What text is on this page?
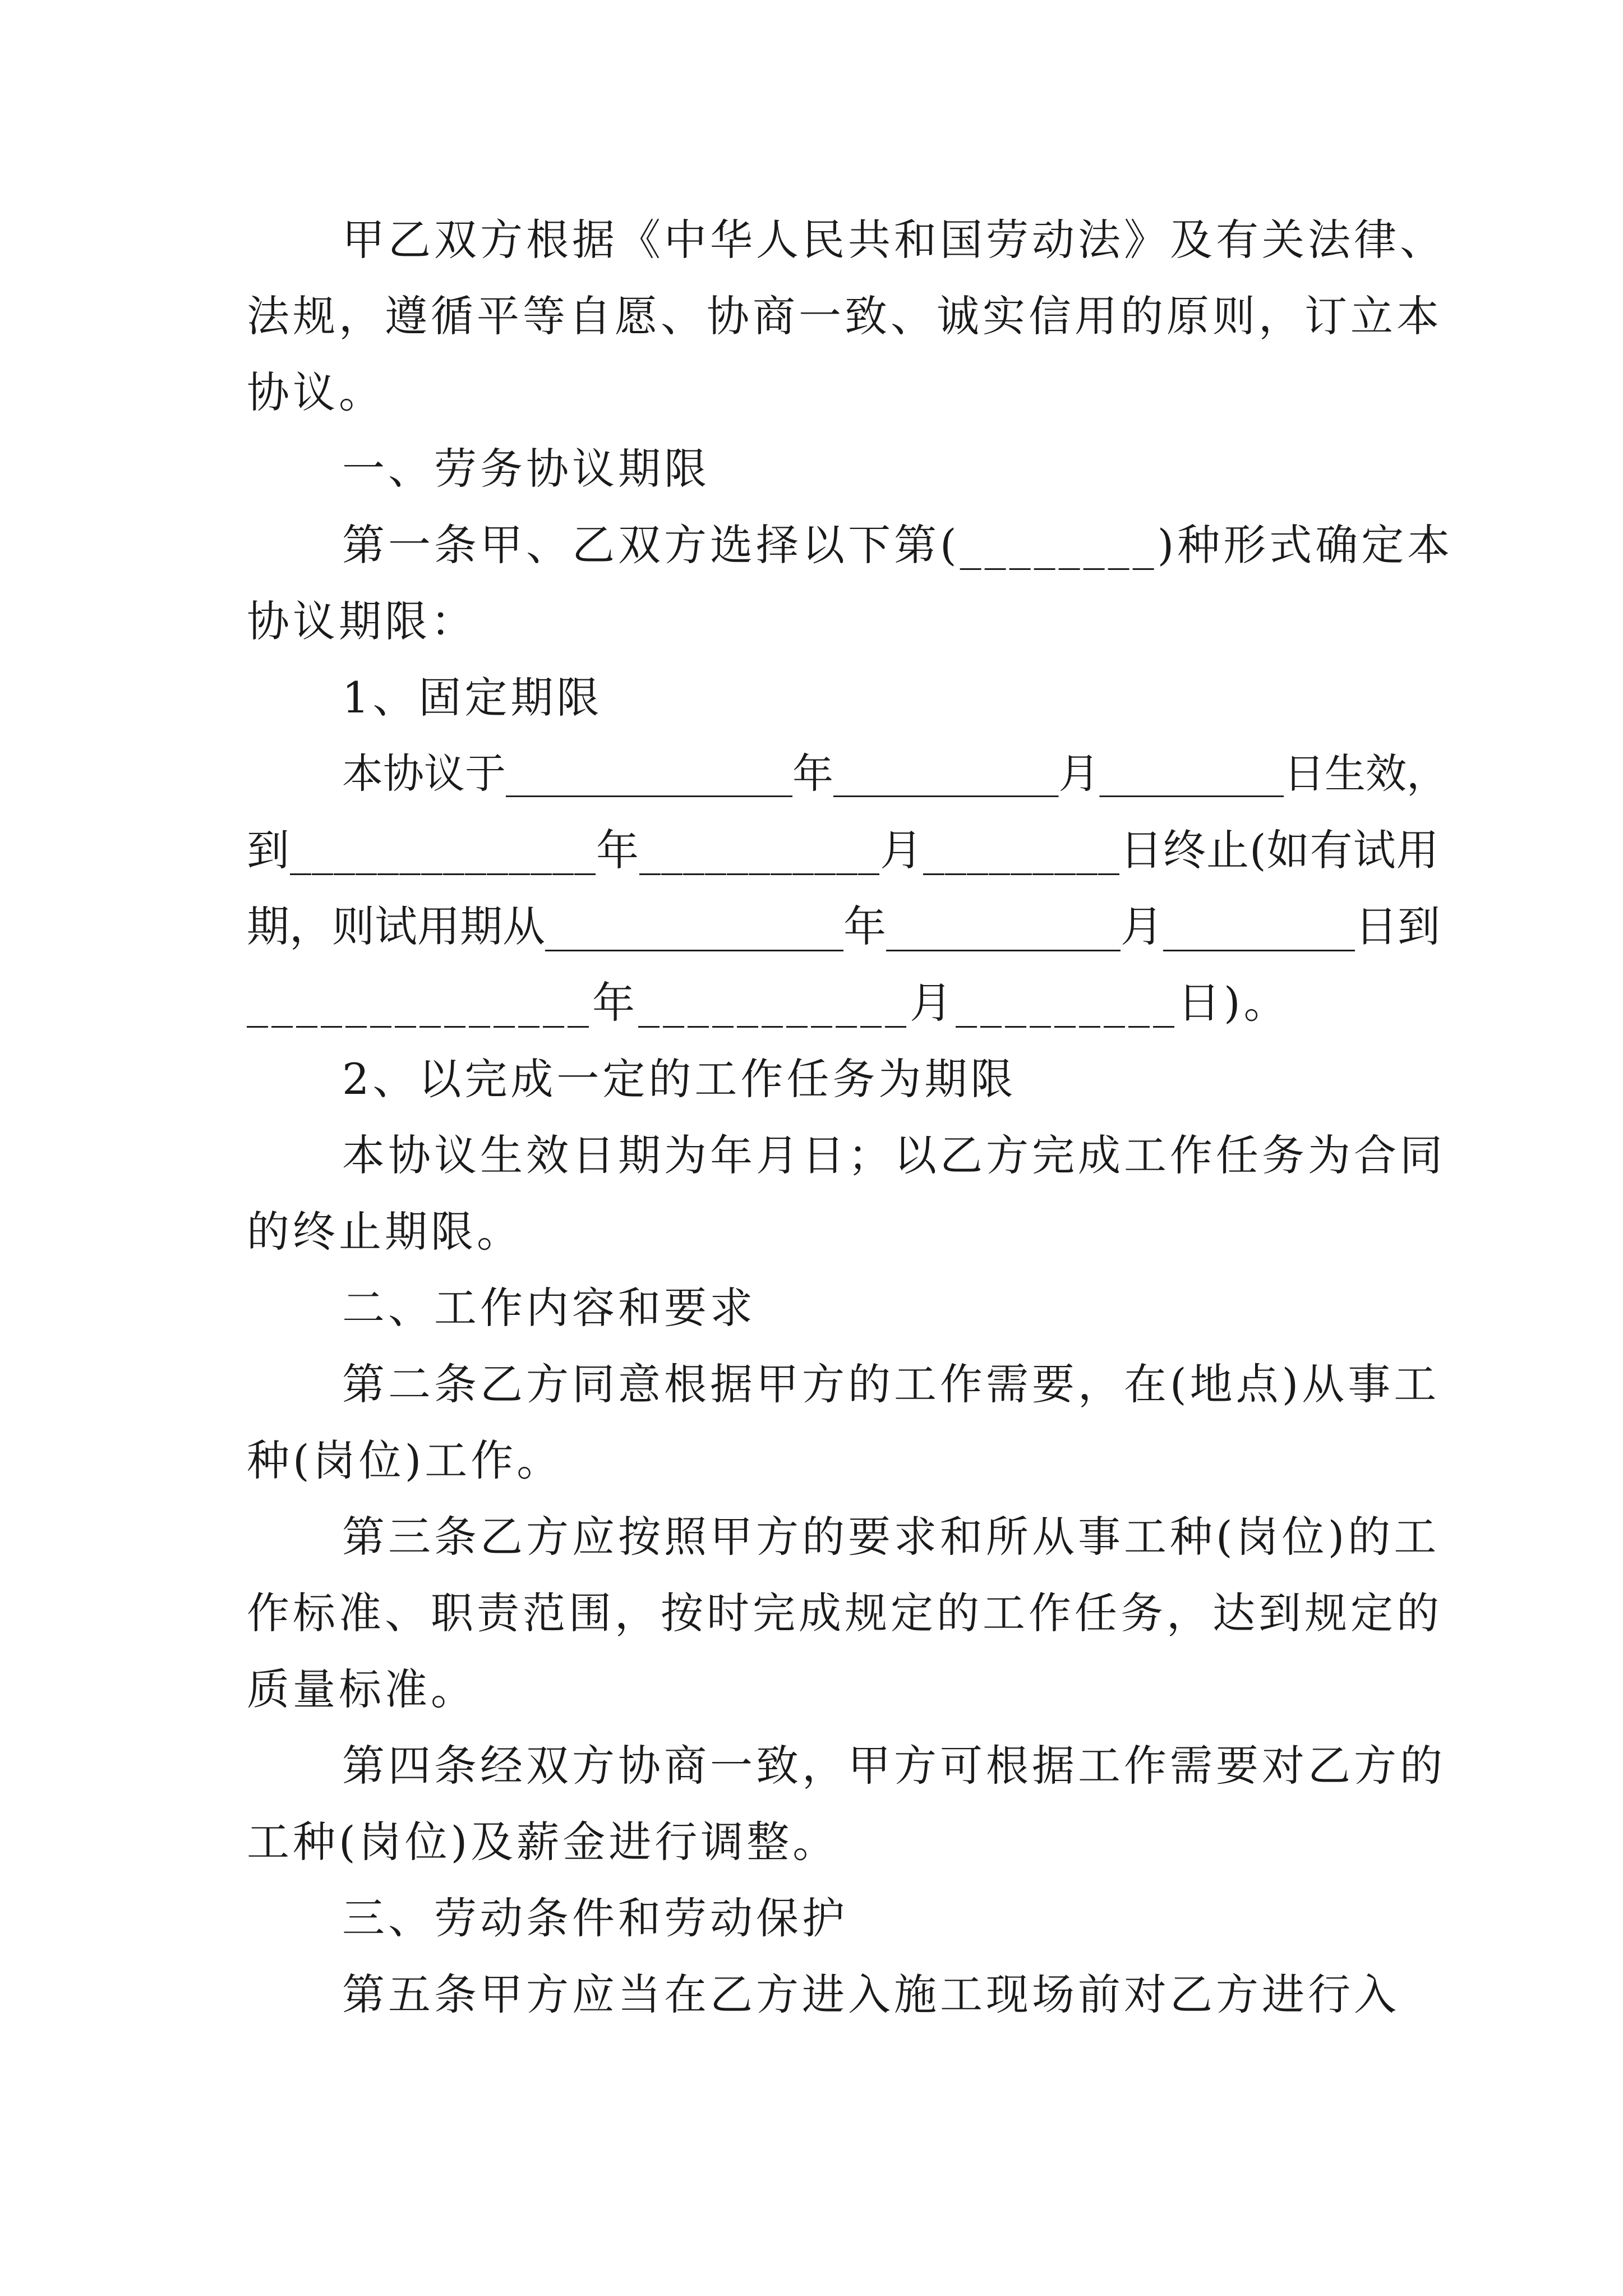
甲乙双方根据《中华人民共和国劳动法》及有关法律、
法规，遵循平等自愿、协商一致、诚实信用的原则，订立本
协议。
一、劳务协议期限
第一条甲、乙双方选择以下第(________)种形式确定本
协议期限：
1、固定期限
本协议于______________年___________月_________日生效，
到______________年___________月_________日终止(如有试用
期，则试用期从______________年___________月_________日到
______________年___________月_________日)。
2、以完成一定的工作任务为期限
本协议生效日期为年月日；以乙方完成工作任务为合同
的终止期限。
二、工作内容和要求
第二条乙方同意根据甲方的工作需要，在(地点)从事工
种(岗位)工作。
第三条乙方应按照甲方的要求和所从事工种(岗位)的工
作标准、职责范围，按时完成规定的工作任务，达到规定的
质量标准。
第四条经双方协商一致，甲方可根据工作需要对乙方的
工种(岗位)及薪金进行调整。
三、劳动条件和劳动保护
第五条甲方应当在乙方进入施工现场前对乙方进行入
